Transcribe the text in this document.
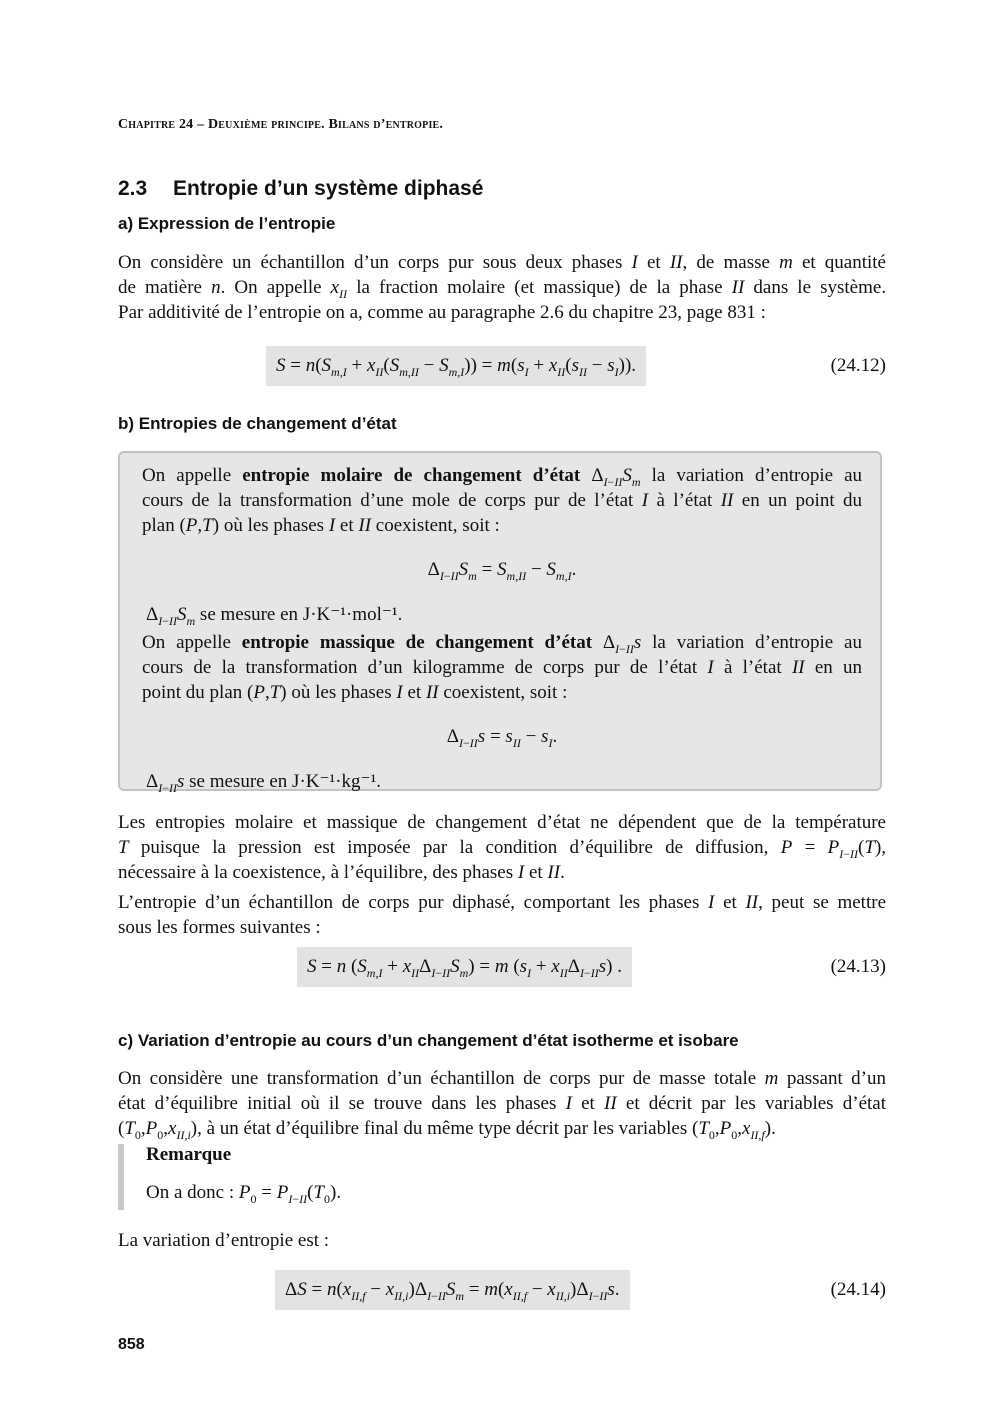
Chapitre 24 – Deuxième principe. Bilans d’entropie.
2.3 Entropie d’un système diphasé
a) Expression de l’entropie
On considère un échantillon d’un corps pur sous deux phases I et II, de masse m et quantité
de matière n. On appelle $x_{II}$ la fraction molaire (et massique) de la phase II dans le système.
Par additivité de l’entropie on a, comme au paragraphe 2.6 du chapitre 23, page 831 :
$S = n(S_{m,I} + x_{II}(S_{m,II} - S_{m,I})) = m(s_I + x_{II}(s_{II} - s_I))$.	(24.12)
b) Entropies de changement d’état
On appelle entropie molaire de changement d’état $\Delta_{I-II}S_m$ la variation d’entropie au
cours de la transformation d’une mole de corps pur de l’état I à l’état II en un point du
plan (P,T) où les phases I et II coexistent, soit :
$\Delta_{I-II}S_m = S_{m,II} - S_{m,I}$.
$\Delta_{I-II}S_m$ se mesure en J·K⁻¹·mol⁻¹.
On appelle entropie massique de changement d’état $\Delta_{I-II}s$ la variation d’entropie au
cours de la transformation d’un kilogramme de corps pur de l’état I à l’état II en un
point du plan (P,T) où les phases I et II coexistent, soit :
$\Delta_{I-II}s = s_{II} - s_I$.
$\Delta_{I-II}s$ se mesure en J·K⁻¹·kg⁻¹.
Les entropies molaire et massique de changement d’état ne dépendent que de la température
T puisque la pression est imposée par la condition d’équilibre de diffusion, $P = P_{I-II}(T)$,
nécessaire à la coexistence, à l’équilibre, des phases I et II.
L’entropie d’un échantillon de corps pur diphasé, comportant les phases I et II, peut se mettre
sous les formes suivantes :
S = n $(S_{m,I} + x_{II}\Delta_{I-II}S_m) = m$ $(s_I + x_{II}\Delta_{I-II}s)$ .	(24.13)
c) Variation d’entropie au cours d’un changement d’état isotherme et isobare
On considère une transformation d’un échantillon de corps pur de masse totale m passant d’un
état d’équilibre initial où il se trouve dans les phases I et II et décrit par les variables d’état
$(T_0,P_0,x_{II,i})$, à un état d’équilibre final du même type décrit par les variables $(T_0,P_0,x_{II,f})$.
Remarque
On a donc : $P_0 = P_{I-II}(T_0)$.
La variation d’entropie est :
$\Delta S = n(x_{II,f} - x_{II,i})\Delta_{I-II}S_m = m(x_{II,f} - x_{II,i})\Delta_{I-II}s$.	(24.14)
858
